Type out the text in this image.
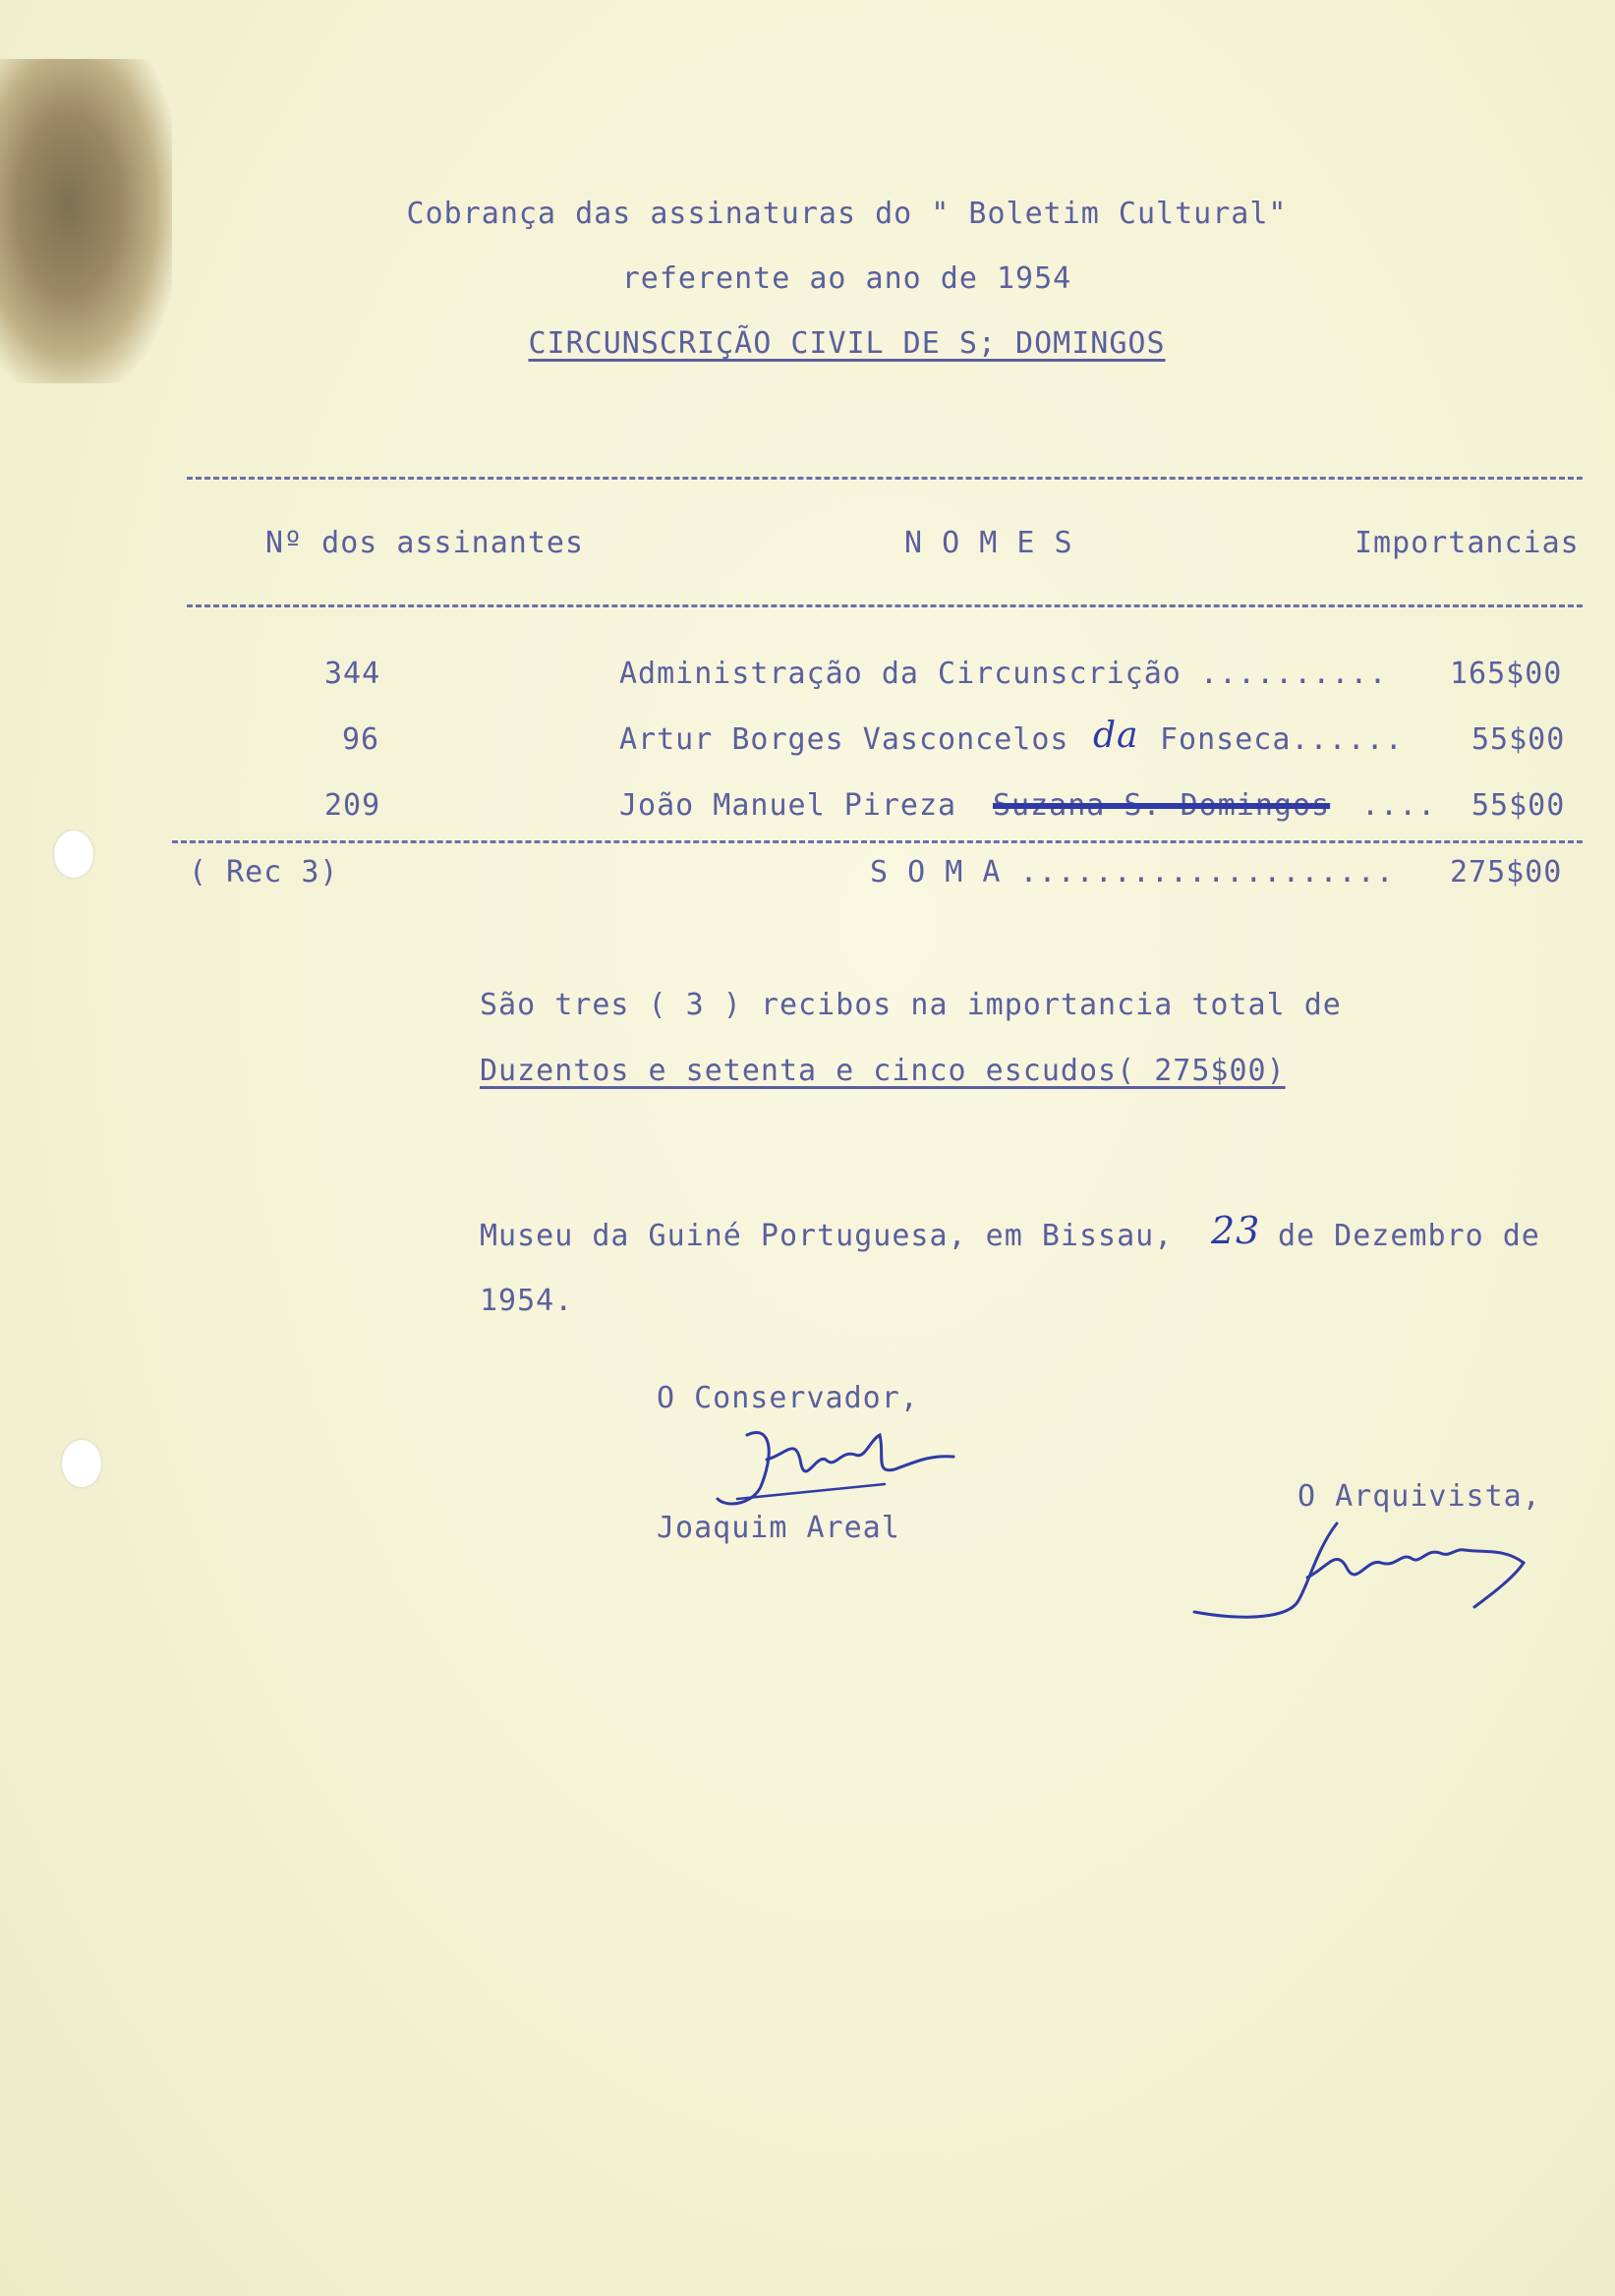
Cobrança das assinaturas do " Boletim Cultural"
referente ao ano de 1954
CIRCUNSCRIÇÃO CIVIL DE S; DOMINGOS
Nº dos assinantes	N O M E S	Importancias
344	Administração da Circunscrição .......... 165$00
96	Artur Borges Vasconcelos da Fonseca...... 55$00
209	João Manuel Pireza Suzana S. Domingos .... 55$00
( Rec 3)	S O M A .................... 275$00
São tres ( 3 ) recibos na importancia total de
Duzentos e setenta e cinco escudos( 275$00)
Museu da Guiné Portuguesa, em Bissau, 23 de Dezembro de
1954.
O Conservador,
Joaquim Areal
O Arquivista,
